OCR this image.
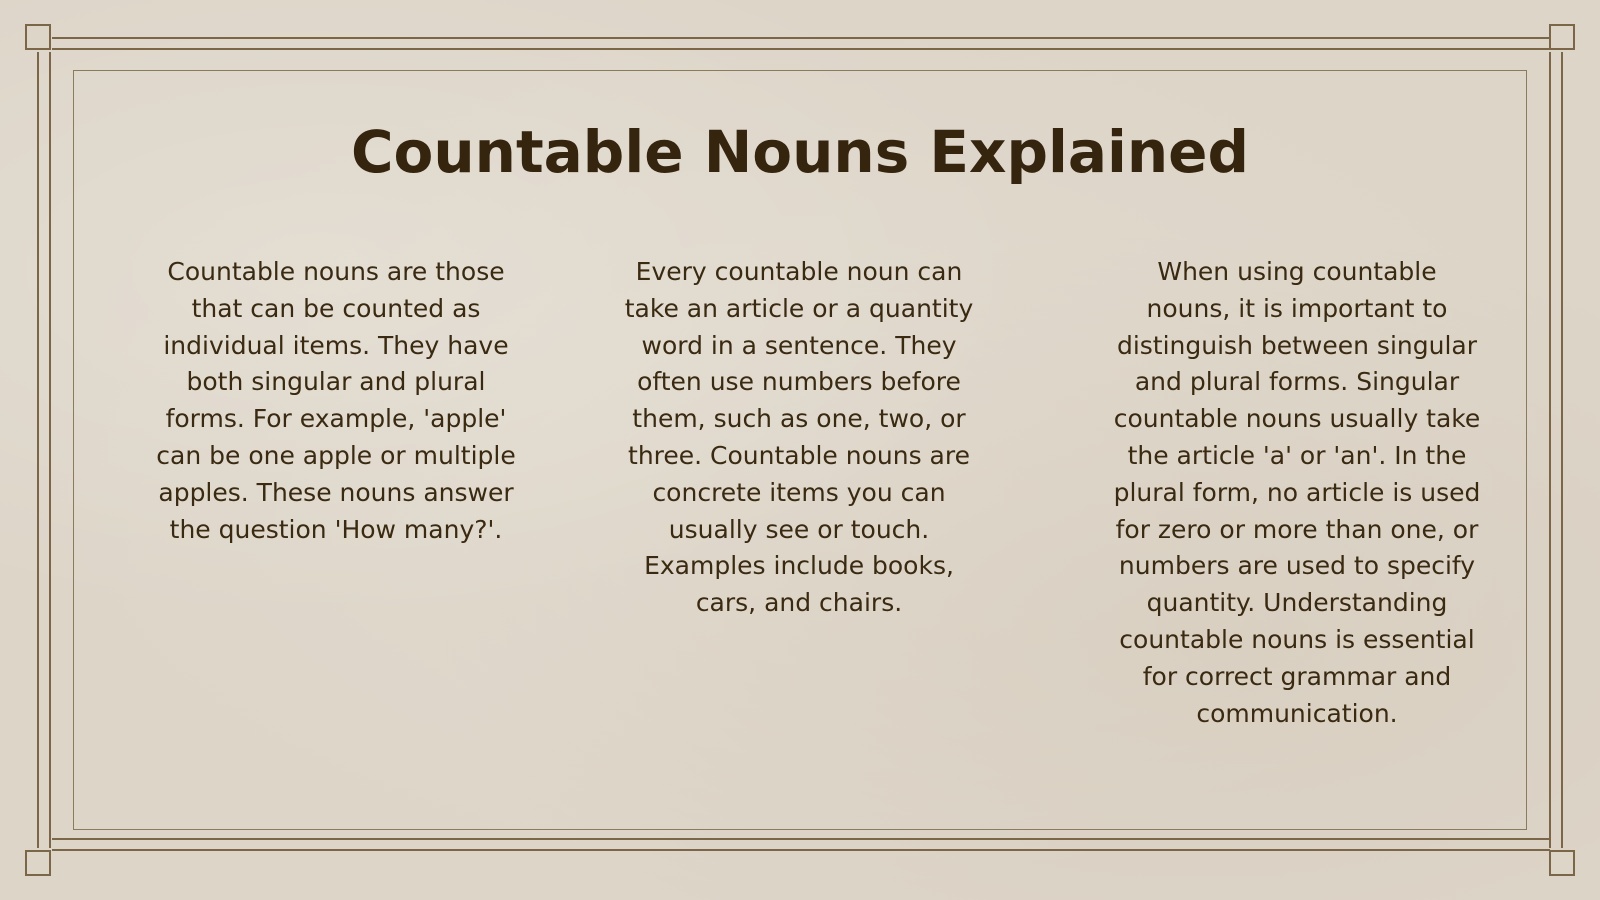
Countable Nouns Explained

Countable nouns are those that can be counted as individual items. They have both singular and plural forms. For example, 'apple' can be one apple or multiple apples. These nouns answer the question 'How many?'.

Every countable noun can take an article or a quantity word in a sentence. They often use numbers before them, such as one, two, or three. Countable nouns are concrete items you can usually see or touch. Examples include books, cars, and chairs.

When using countable nouns, it is important to distinguish between singular and plural forms. Singular countable nouns usually take the article 'a' or 'an'. In the plural form, no article is used for zero or more than one, or numbers are used to specify quantity. Understanding countable nouns is essential for correct grammar and communication.
